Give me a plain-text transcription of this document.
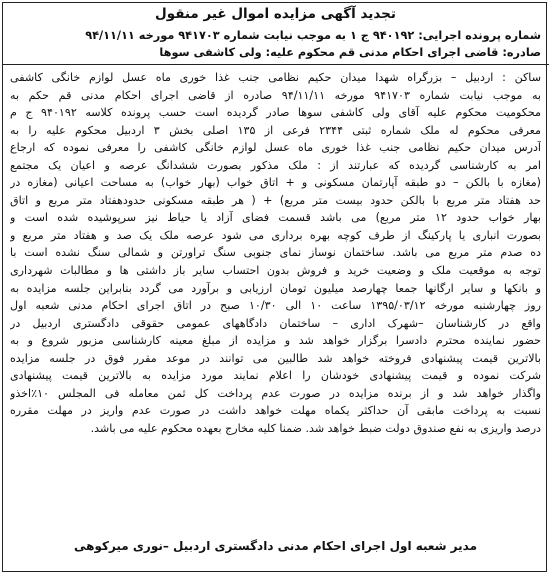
تجدید آگهی مزایده اموال غیر منقول
شماره پرونده اجرایی: ۹۴۰۱۹۲ ج ۱ به موجب نیابت شماره ۹۴۱۷۰۳ مورخه ۹۴/۱۱/۱۱
صادره: قاضی اجرای احکام مدنی قم محکوم علیه: ولی کاشفی سوها
ساکن : اردبیل – بزرگراه شهدا میدان حکیم نظامی جنب غذا خوری ماه عسل لوازم خانگی کاشفی
به موجب نیابت شماره ۹۴۱۷۰۳ مورخه ۹۴/۱۱/۱۱ صادره از قاضی اجرای احکام مدنی قم حکم به
محکومیت محکوم علیه آقای ولی کاشفی سوها صادر گردیده است حسب پرونده کلاسه ۹۴۰۱۹۲ ج م
معرفی محکوم له ملک شماره ثبتی ۲۳۴۴ فرعی از ۱۳۵ اصلی بخش ۳ اردبیل محکوم علیه را به
آدرس میدان حکیم نظامی جنب غذا خوری ماه عسل لوازم خانگی کاشفی را معرفی نموده که ارجاع
امر به کارشناسی گردیده که عبارتند از : ملک مذکور بصورت ششدانگ عرصه و اعیان یک مجتمع
(مغازه با بالکن – دو طبقه آپارتمان مسکونی و + اتاق خواب (بهار خواب) به مساحت اعیانی (مغازه در
حد هفتاد متر مربع با بالکن حدود بیست متر مربع) + ( هر طبقه مسکونی حدودهفتاد متر مربع و اتاق
بهار خواب حدود ۱۲ متر مربع) می باشد قسمت فضای آزاد یا حیاط نیز سرپوشیده شده است و
بصورت انباری یا پارکینگ از طرف کوچه بهره برداری می شود عرصه ملک یک صد و هفتاد متر مربع و
ده صدم متر مربع می باشد. ساختمان نوساز نمای جنوبی سنگ تراورتن و شمالی سنگ نشده است با
توجه به موقعیت ملک و وضعیت خرید و فروش بدون احتساب سایر باز داشتی ها و مطالبات شهرداری
و بانکها و سایر ارگانها جمعا چهارصد میلیون تومان ارزیابی و برآورد می گردد بنابراین جلسه مزایده به
روز چهارشنبه مورخه ۱۳۹۵/۰۳/۱۲ ساعت ۱۰ الی ۱۰/۳۰ صبح در اتاق اجرای احکام مدنی شعبه اول
واقع در کارشناسان –شهرک اداری – ساختمان دادگاههای عمومی حقوقی دادگستری اردبیل در
حضور نماینده محترم دادسرا برگزار خواهد شد و مزایده از مبلغ معینه کارشناسی مزبور شروع و به
بالاترین قیمت پیشنهادی فروخته خواهد شد طالبین می توانند در موعد مقرر فوق در جلسه مزایده
شرکت نموده و قیمت پیشنهادی خودشان را اعلام نمایند مورد مزایده به بالاترین قیمت پیشنهادی
واگذار خواهد شد و از برنده مزایده در صورت عدم پرداخت کل ثمن معامله فی المجلس ۱۰٪اخذو
نسبت به پرداخت مابقی آن حداکثر یکماه مهلت خواهد داشت در صورت عدم واریز در مهلت مقرره
درصد واریزی به نفع صندوق دولت ضبط خواهد شد. ضمنا کلیه مخارج بعهده محکوم علیه می باشد.
مدیر شعبه اول اجرای احکام مدنی دادگستری اردبیل –نوری میرکوهی
